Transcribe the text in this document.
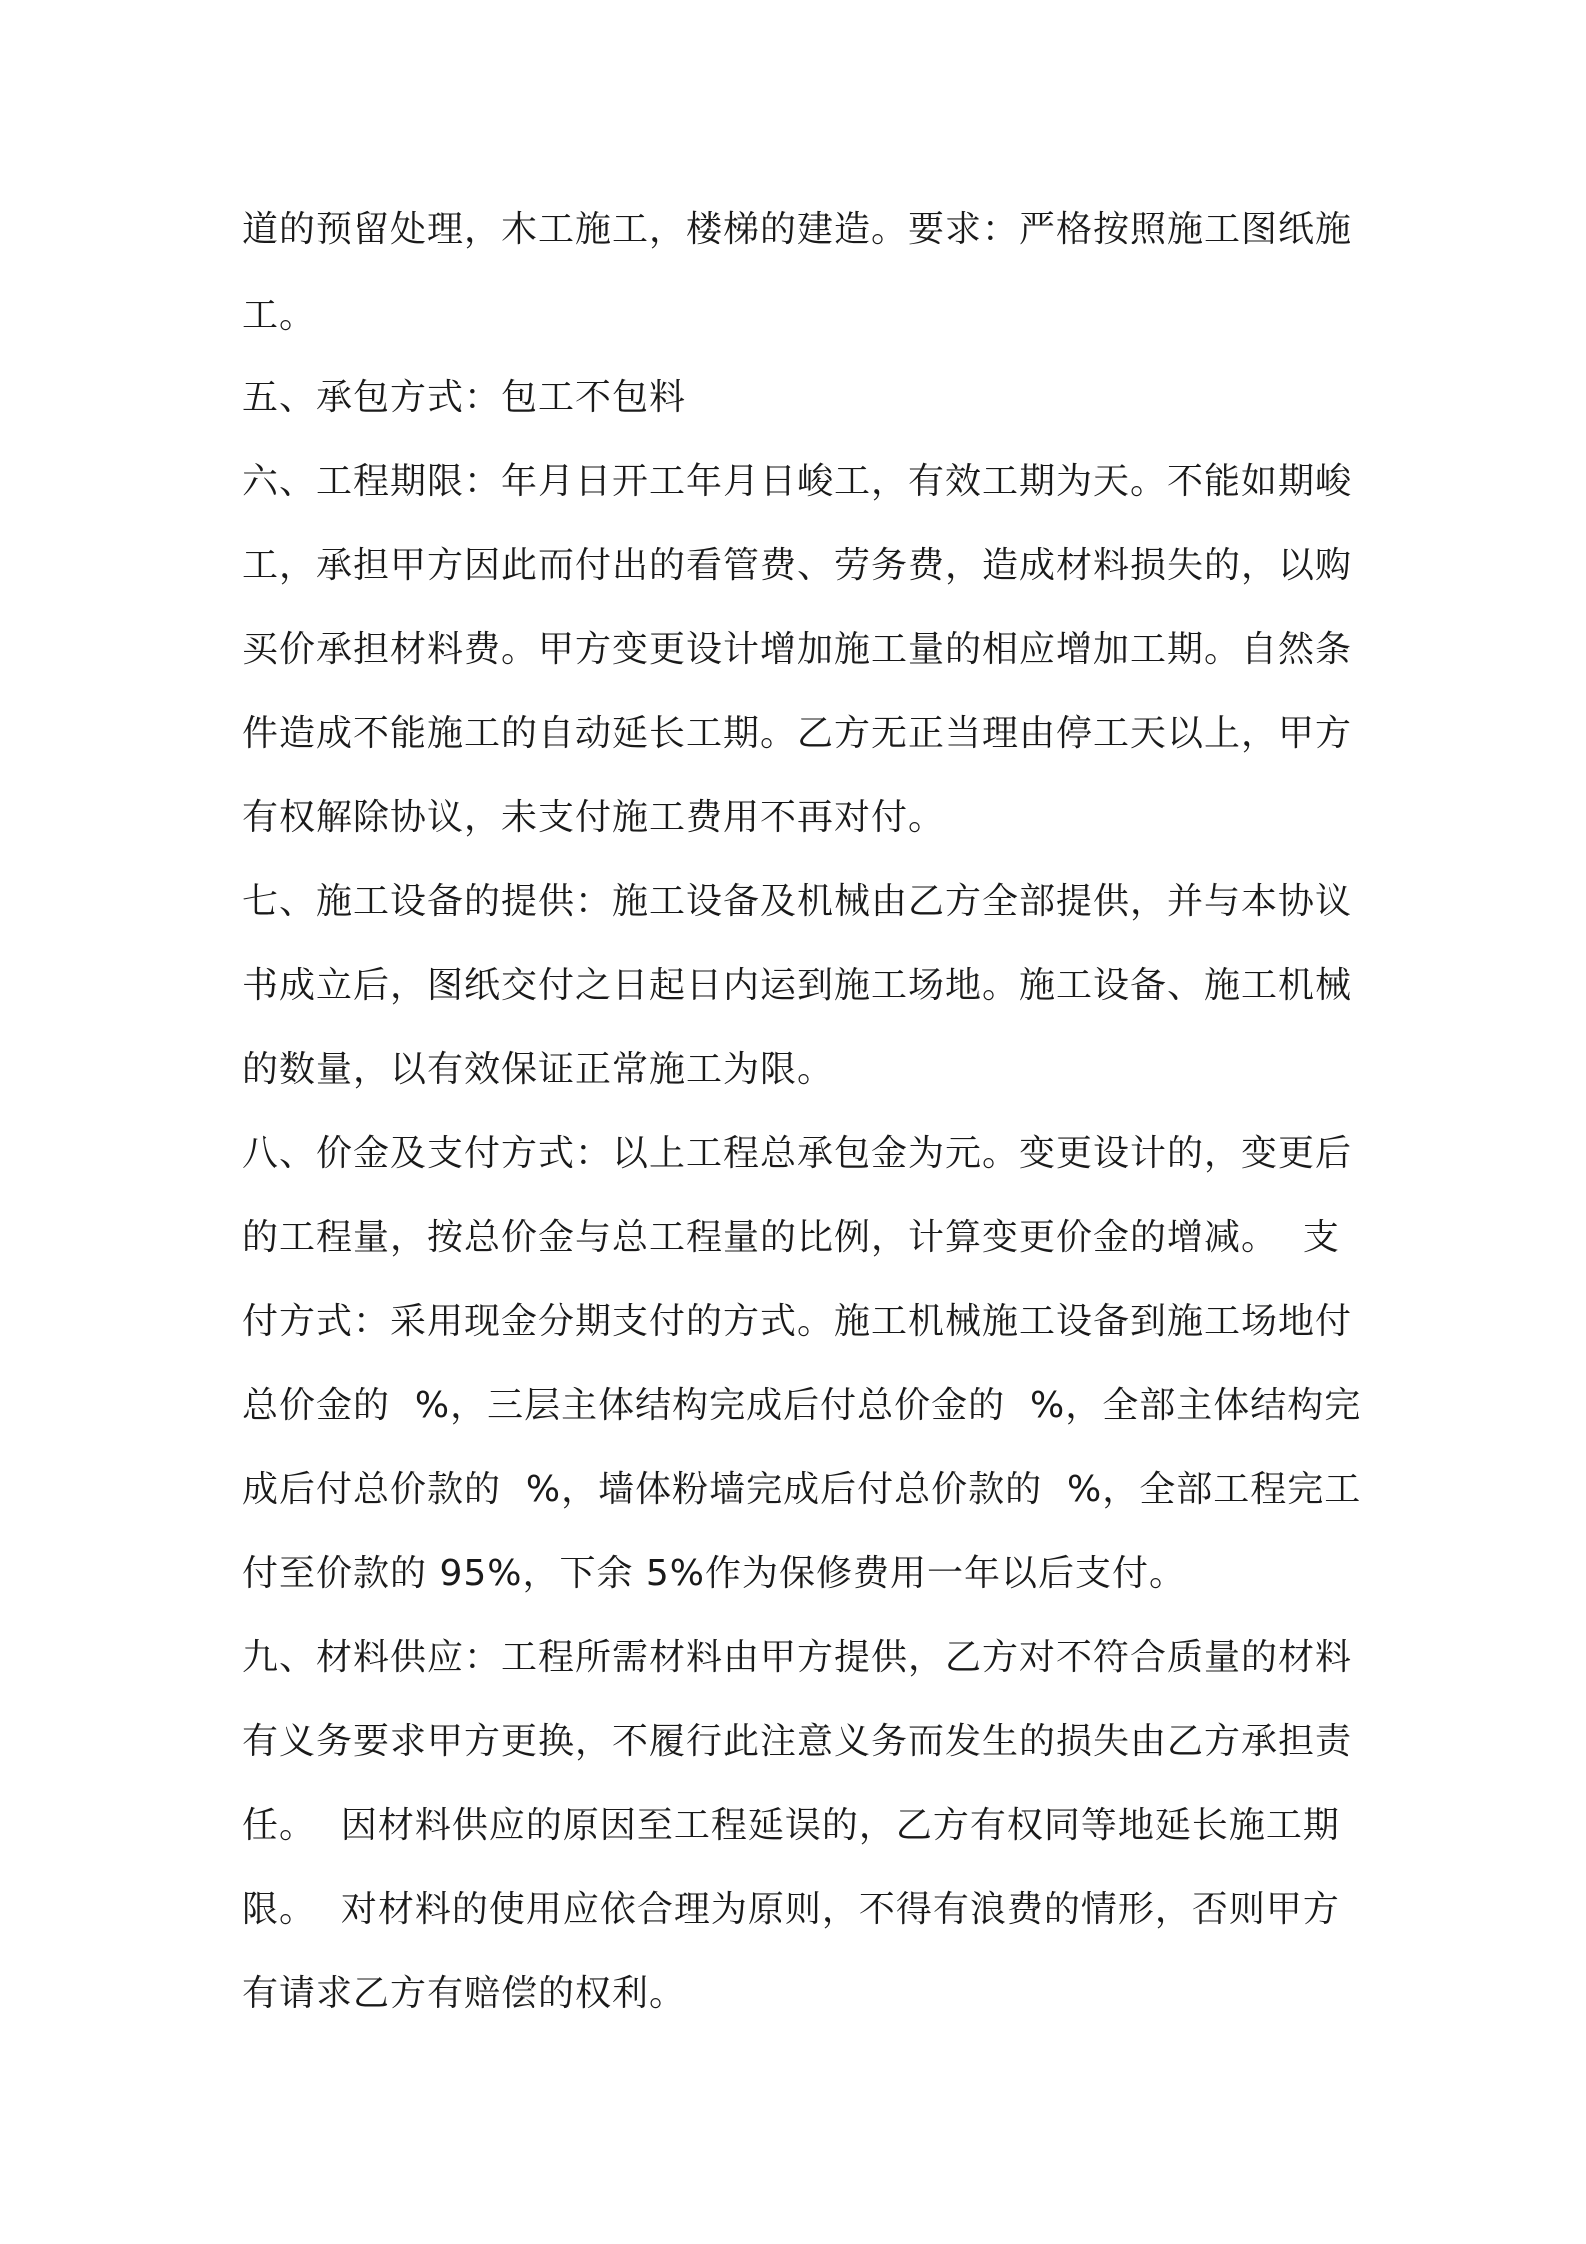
道的预留处理，木工施工，楼梯的建造。要求：严格按照施工图纸施
工。
五、承包方式：包工不包料
六、工程期限：年月日开工年月日峻工，有效工期为天。不能如期峻
工，承担甲方因此而付出的看管费、劳务费，造成材料损失的，以购
买价承担材料费。甲方变更设计增加施工量的相应增加工期。自然条
件造成不能施工的自动延长工期。乙方无正当理由停工天以上，甲方
有权解除协议，未支付施工费用不再对付。
七、施工设备的提供：施工设备及机械由乙方全部提供，并与本协议
书成立后，图纸交付之日起日内运到施工场地。施工设备、施工机械
的数量，以有效保证正常施工为限。
八、价金及支付方式：以上工程总承包金为元。变更设计的，变更后
的工程量，按总价金与总工程量的比例，计算变更价金的增减。  支
付方式：采用现金分期支付的方式。施工机械施工设备到施工场地付
总价金的  %，三层主体结构完成后付总价金的  %，全部主体结构完
成后付总价款的  %，墙体粉墙完成后付总价款的  %，全部工程完工
付至价款的 95%，下余 5%作为保修费用一年以后支付。
九、材料供应：工程所需材料由甲方提供，乙方对不符合质量的材料
有义务要求甲方更换，不履行此注意义务而发生的损失由乙方承担责
任。  因材料供应的原因至工程延误的，乙方有权同等地延长施工期
限。  对材料的使用应依合理为原则，不得有浪费的情形，否则甲方
有请求乙方有赔偿的权利。
